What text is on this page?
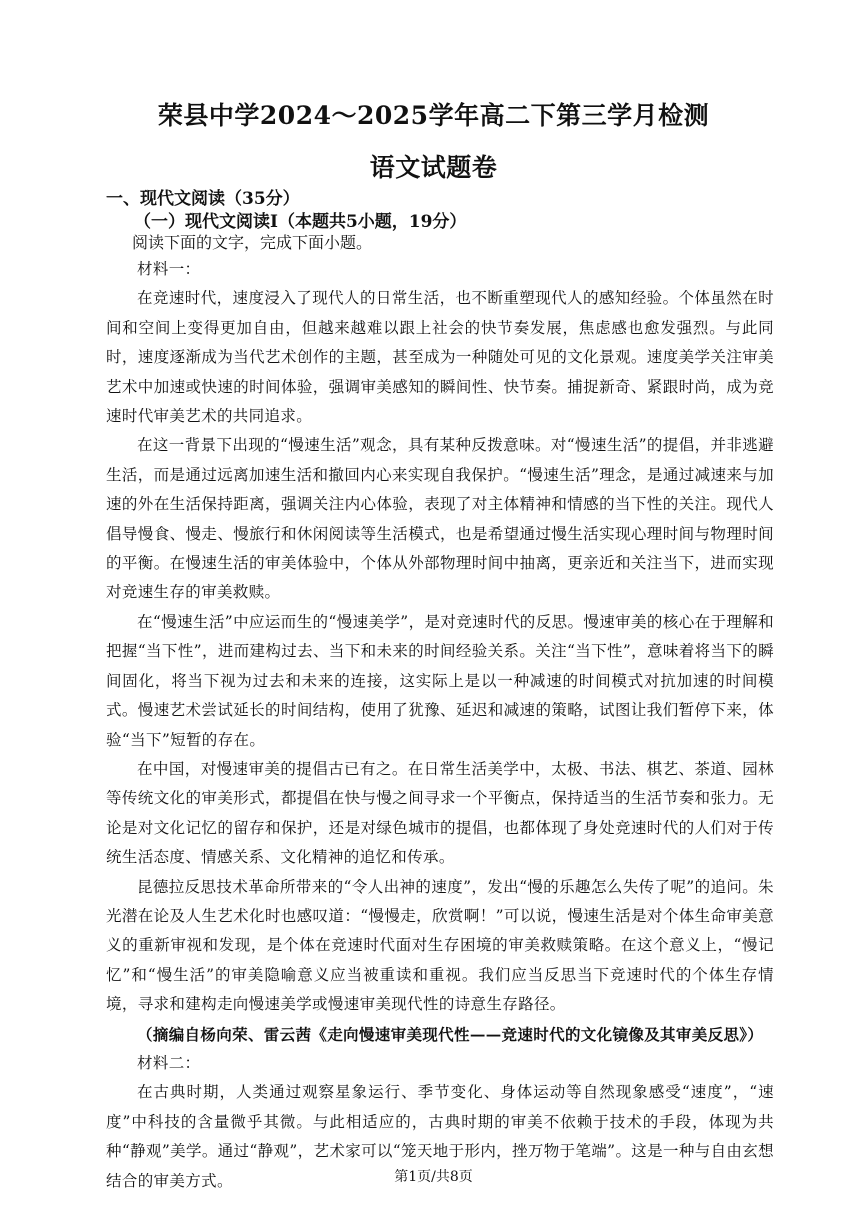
荣县中学2024～2025学年高二下第三学月检测
语文试题卷
一、现代文阅读（35分）
（一）现代文阅读Ⅰ（本题共5小题，19分）
阅读下面的文字，完成下面小题。

材料一：

在竞速时代，速度浸入了现代人的日常生活，也不断重塑现代人的感知经验。个体虽然在时间和空间上变得更加自由，但越来越难以跟上社会的快节奏发展，焦虑感也愈发强烈。与此同时，速度逐渐成为当代艺术创作的主题，甚至成为一种随处可见的文化景观。速度美学关注审美艺术中加速或快速的时间体验，强调审美感知的瞬间性、快节奏。捕捉新奇、紧跟时尚，成为竞速时代审美艺术的共同追求。

在这一背景下出现的“慢速生活”观念，具有某种反拨意味。对“慢速生活”的提倡，并非逃避生活，而是通过远离加速生活和撤回内心来实现自我保护。“慢速生活”理念，是通过减速来与加速的外在生活保持距离，强调关注内心体验，表现了对主体精神和情感的当下性的关注。现代人倡导慢食、慢走、慢旅行和休闲阅读等生活模式，也是希望通过慢生活实现心理时间与物理时间的平衡。在慢速生活的审美体验中，个体从外部物理时间中抽离，更亲近和关注当下，进而实现对竞速生存的审美救赎。

在“慢速生活”中应运而生的“慢速美学”，是对竞速时代的反思。慢速审美的核心在于理解和把握“当下性”，进而建构过去、当下和未来的时间经验关系。关注“当下性”，意味着将当下的瞬间固化，将当下视为过去和未来的连接，这实际上是以一种减速的时间模式对抗加速的时间模式。慢速艺术尝试延长的时间结构，使用了犹豫、延迟和减速的策略，试图让我们暂停下来，体验“当下”短暂的存在。

在中国，对慢速审美的提倡古已有之。在日常生活美学中，太极、书法、棋艺、茶道、园林等传统文化的审美形式，都提倡在快与慢之间寻求一个平衡点，保持适当的生活节奏和张力。无论是对文化记忆的留存和保护，还是对绿色城市的提倡，也都体现了身处竞速时代的人们对于传统生活态度、情感关系、文化精神的追忆和传承。

昆德拉反思技术革命所带来的“令人出神的速度”，发出“慢的乐趣怎么失传了呢”的追问。朱光潜在论及人生艺术化时也感叹道：“慢慢走，欣赏啊！”可以说，慢速生活是对个体生命审美意义的重新审视和发现，是个体在竞速时代面对生存困境的审美救赎策略。在这个意义上，“慢记忆”和“慢生活”的审美隐喻意义应当被重读和重视。我们应当反思当下竞速时代的个体生存情境，寻求和建构走向慢速美学或慢速审美现代性的诗意生存路径。

（摘编自杨向荣、雷云茜《走向慢速审美现代性——竞速时代的文化镜像及其审美反思》）

材料二：

在古典时期，人类通过观察星象运行、季节变化、身体运动等自然现象感受“速度”，“速度”中科技的含量微乎其微。与此相适应的，古典时期的审美不依赖于技术的手段，体现为共种“静观”美学。通过“静观”，艺术家可以“笼天地于形内，挫万物于笔端”。这是一种与自由玄想结合的审美方式。	第1页/共8页
